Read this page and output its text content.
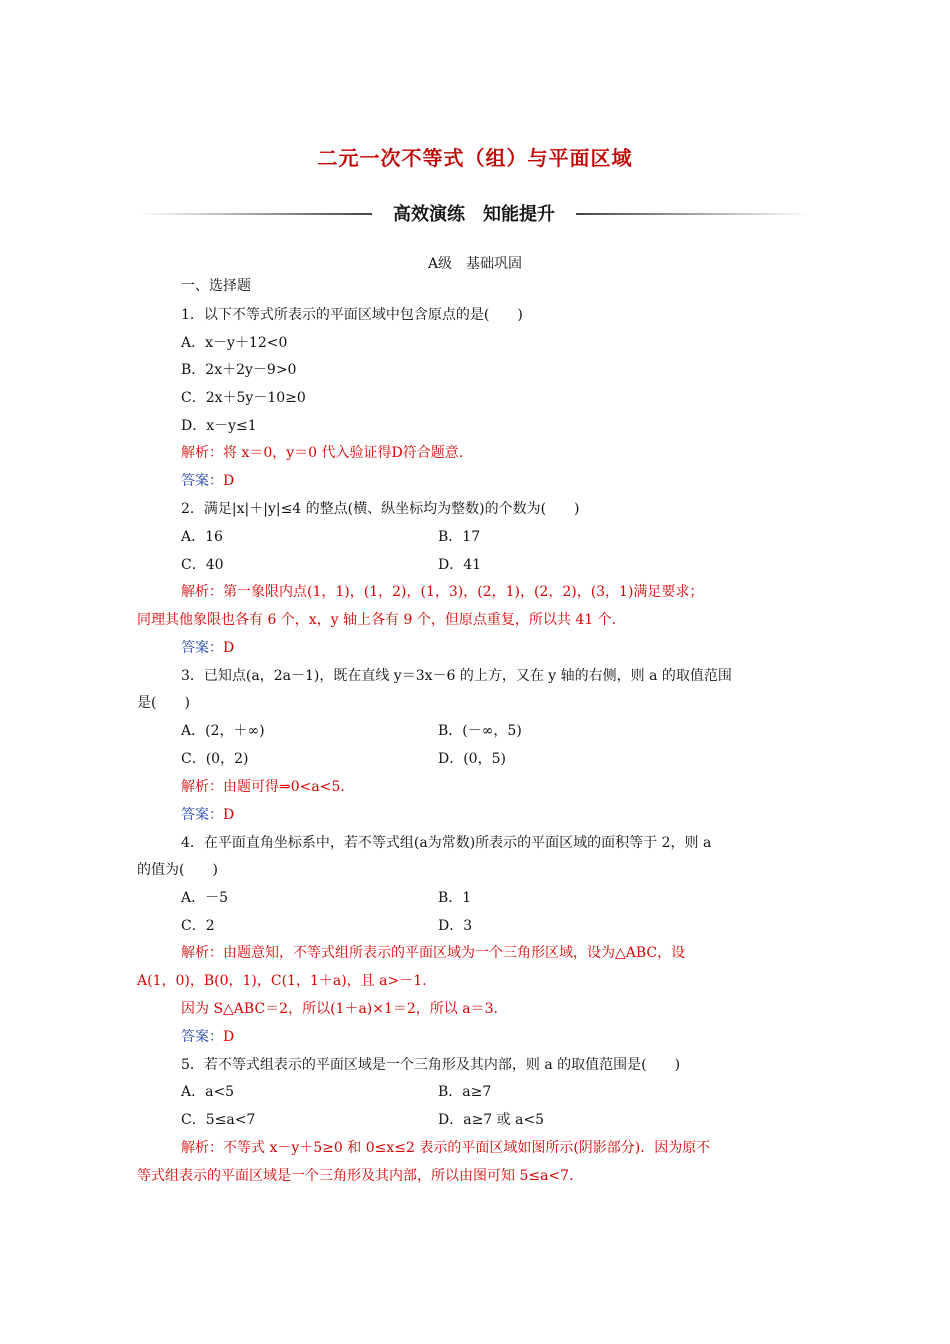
二元一次不等式（组）与平面区域
高效演练　知能提升
A级　基础巩固
一、选择题
1．以下不等式所表示的平面区域中包含原点的是(　　)
A．x－y＋12<0
B．2x＋2y－9>0
C．2x＋5y－10≥0
D．x－y≤1
解析：将 x＝0，y＝0 代入验证得D符合题意.
答案：D
2．满足|x|＋|y|≤4 的整点(横、纵坐标均为整数)的个数为(　　)
A．16	B．17
C．40	D．41
解析：第一象限内点(1，1)，(1，2)，(1，3)，(2，1)，(2，2)，(3，1)满足要求；
同理其他象限也各有 6 个，x，y 轴上各有 9 个，但原点重复，所以共 41 个.
答案：D
3．已知点(a，2a－1)，既在直线 y＝3x－6 的上方，又在 y 轴的右侧，则 a 的取值范围
是(　　)
A．(2，＋∞)	B．(－∞，5)
C．(0，2)	D．(0，5)
解析：由题可得⇒0<a<5.
答案：D
4．在平面直角坐标系中，若不等式组(a为常数)所表示的平面区域的面积等于 2，则 a
的值为(　　)
A．－5	B．1
C．2	D．3
解析：由题意知，不等式组所表示的平面区域为一个三角形区域，设为△ABC，设
A(1，0)，B(0，1)，C(1，1＋a)，且 a>－1.
因为 S△ABC＝2，所以(1＋a)×1＝2，所以 a＝3.
答案：D
5．若不等式组表示的平面区域是一个三角形及其内部，则 a 的取值范围是(　　)
A．a<5	B．a≥7
C．5≤a<7	D．a≥7 或 a<5
解析：不等式 x－y＋5≥0 和 0≤x≤2 表示的平面区域如图所示(阴影部分)．因为原不
等式组表示的平面区域是一个三角形及其内部，所以由图可知 5≤a<7.
